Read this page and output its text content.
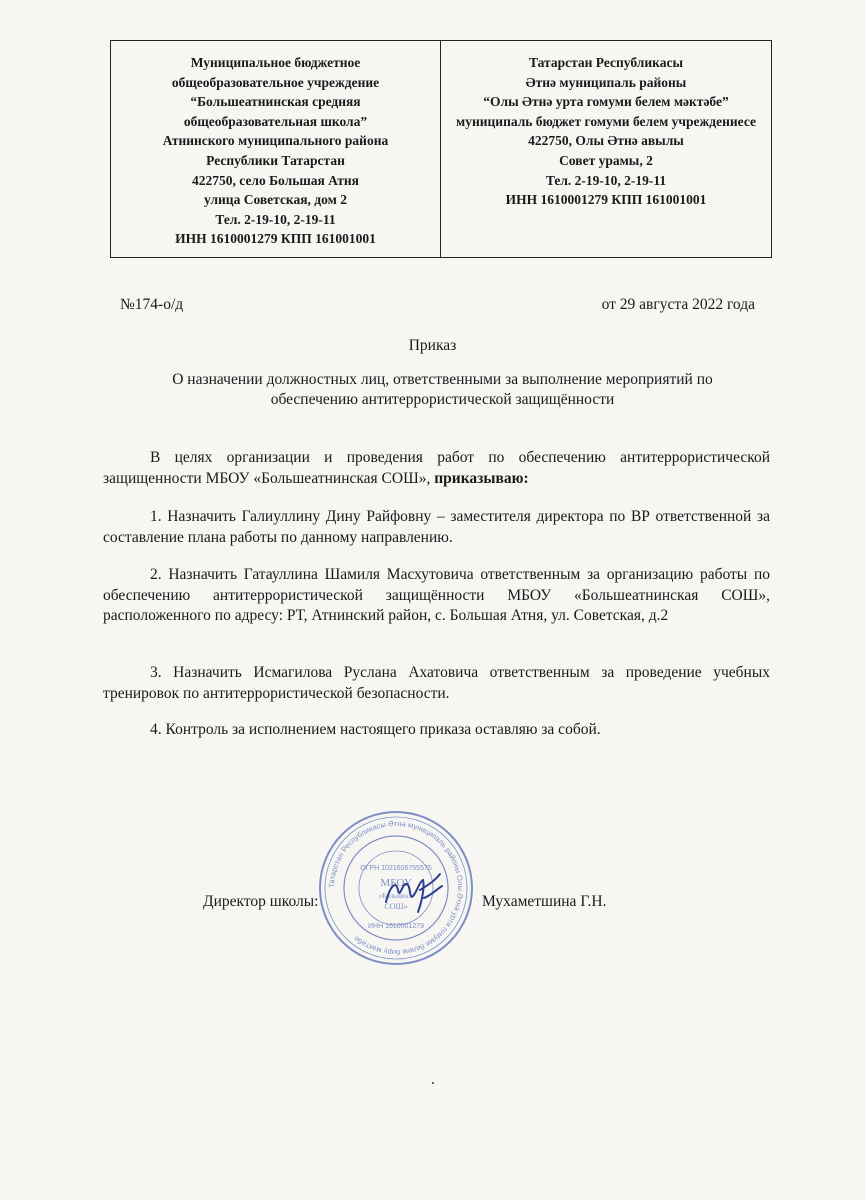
Муниципальное бюджетное
общеобразовательное учреждение
“Большеатнинская средняя
общеобразовательная школа”
Атнинского муниципального района
Республики Татарстан
422750, село Большая Атня
улица Советская, дом 2
Тел. 2-19-10, 2-19-11
ИНН 1610001279 КПП 161001001
Татарстан Республикасы
Әтнә муниципаль районы
“Олы Әтнә урта гомуми белем мәктәбе”
муниципаль бюджет гомуми белем учреждениесе
422750, Олы Әтнә авылы
Совет урамы, 2
Тел. 2-19-10, 2-19-11
ИНН 1610001279 КПП 161001001
№174-о/д	от 29 августа 2022 года
Приказ
О назначении должностных лиц, ответственными за выполнение мероприятий по
обеспечению антитеррористической защищённости
В целях организации и проведения работ по обеспечению антитеррористической защищенности МБОУ «Большеатнинская СОШ», приказываю:
1. Назначить Галиуллину Дину Райфовну – заместителя директора по ВР ответственной за составление плана работы по данному направлению.
2. Назначить Гатауллина Шамиля Масхутовича ответственным за организацию работы по обеспечению антитеррористической защищённости МБОУ «Большеатнинская СОШ», расположенного по адресу: РТ, Атнинский район, с. Большая Атня, ул. Советская, д.2
3. Назначить Исмагилова Руслана Ахатовича ответственным за проведение учебных тренировок по антитеррористической безопасности.
4. Контроль за исполнением настоящего приказа оставляю за собой.
Татарстан Республикасы Әтнә муниципаль районы Олы Әтнә урта гомуми белем бирү мәктәбе
ОГРН 1021606755575
МБОУ
«Большеа...
СОШ»
ИНН 1610001279
Директор школы:	Мухаметшина Г.Н.
